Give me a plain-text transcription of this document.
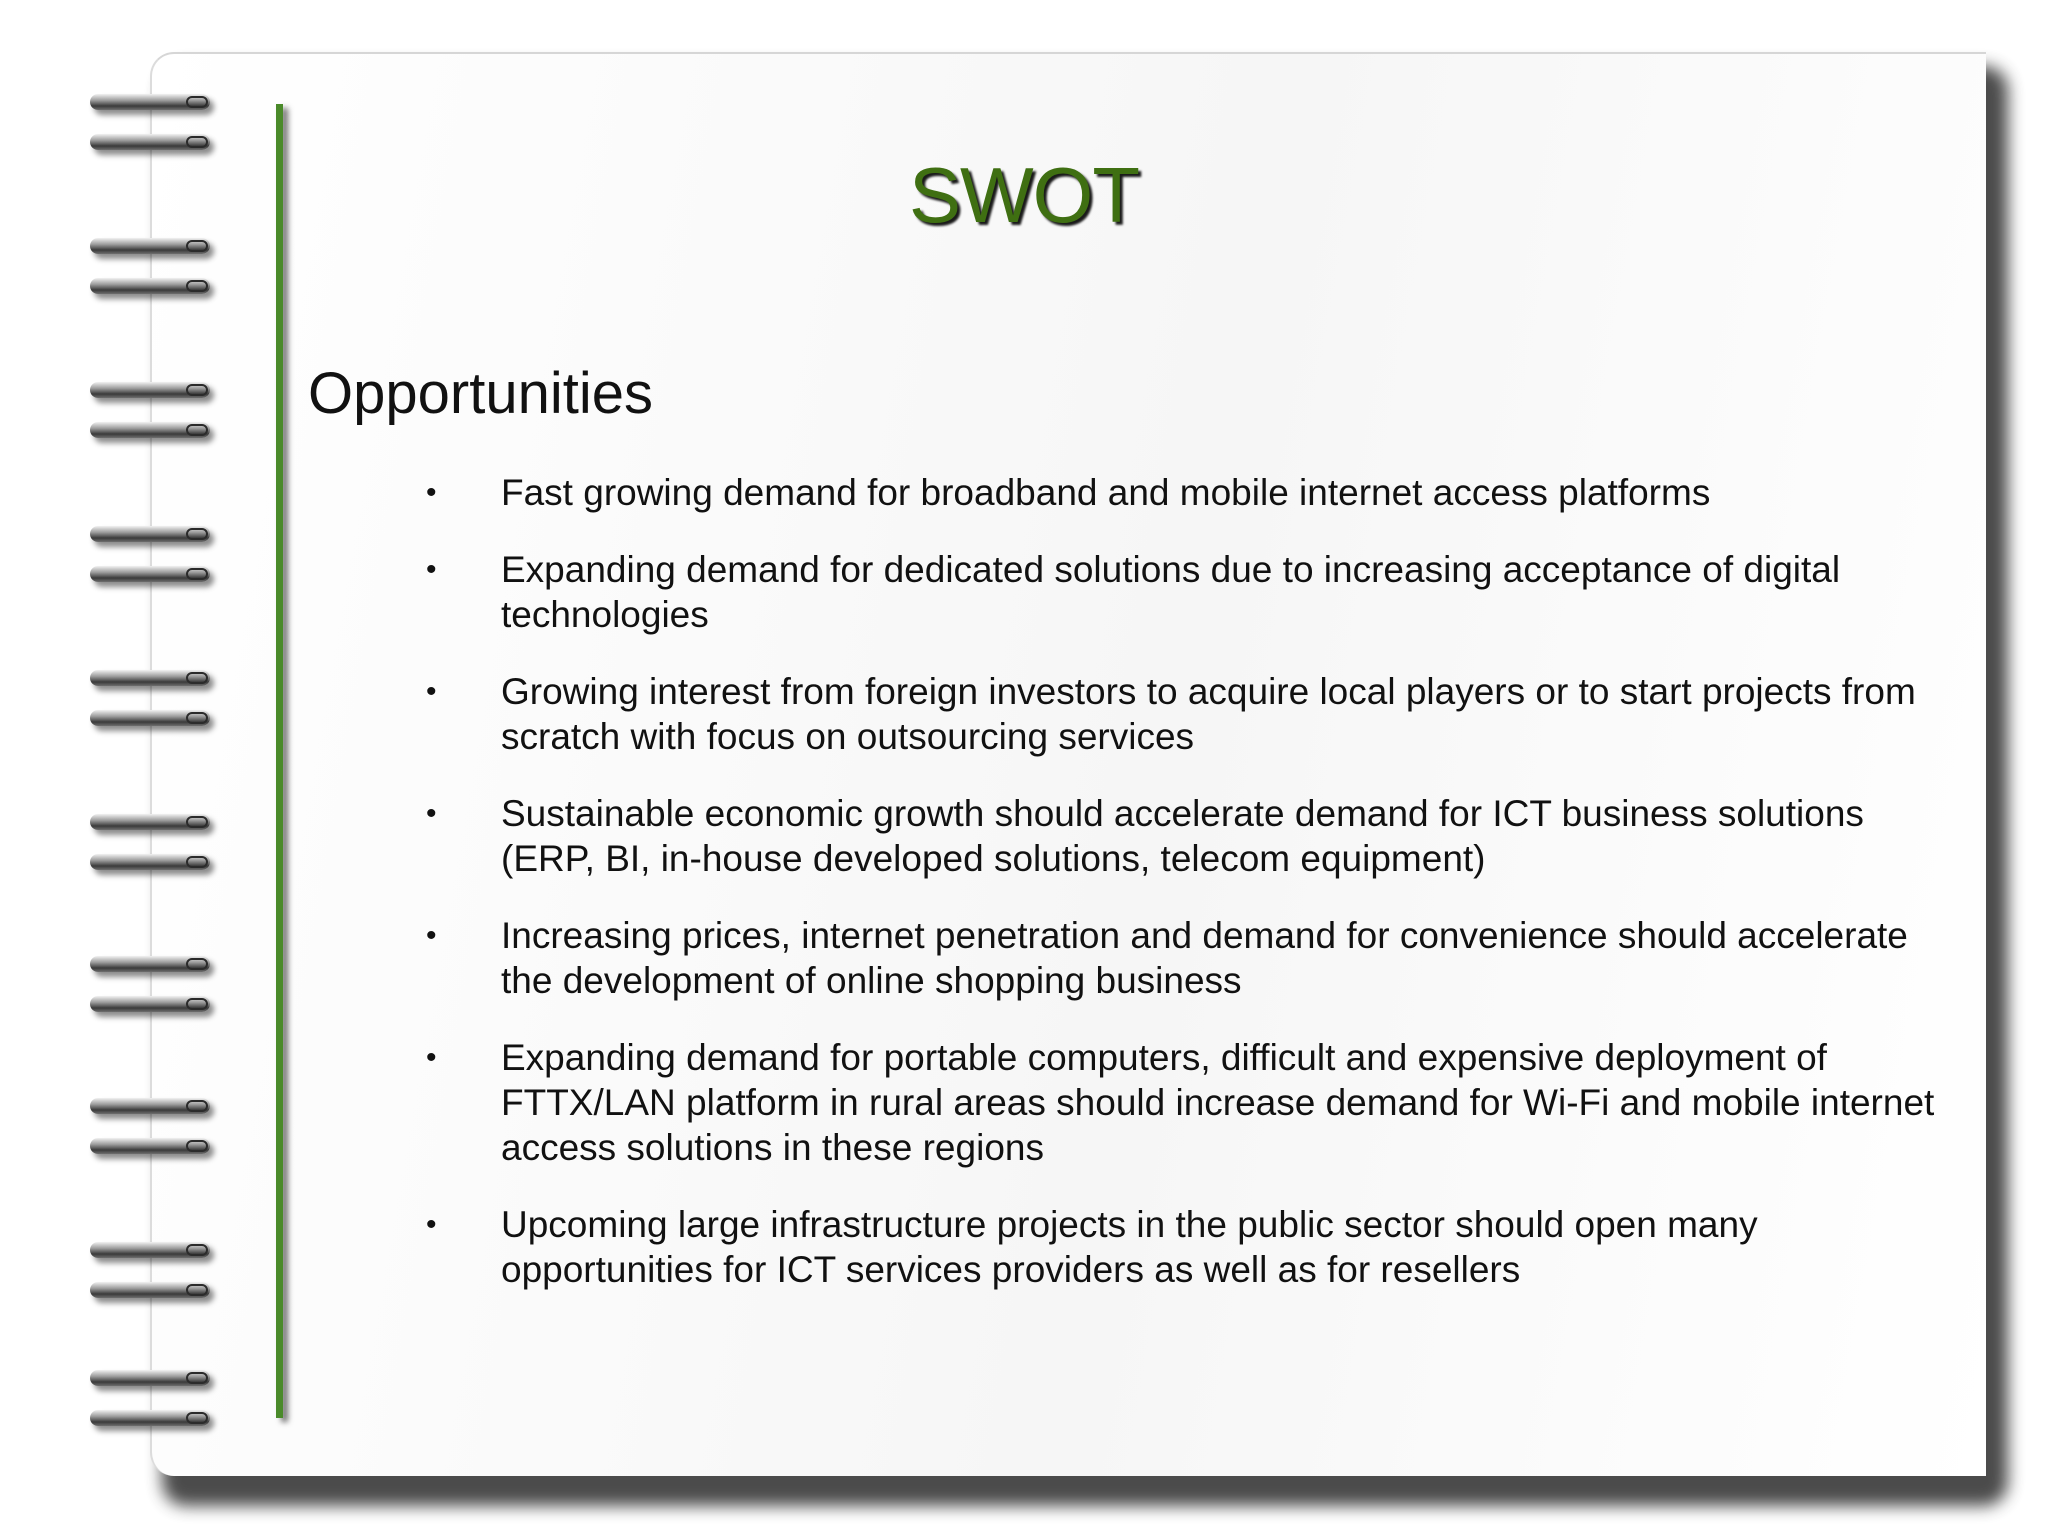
SWOT
Opportunities
• Fast growing demand for broadband and mobile internet access platforms
• Expanding demand for dedicated solutions due to increasing acceptance of digital technologies
• Growing interest from foreign investors to acquire local players or to start projects from scratch with focus on outsourcing services
• Sustainable economic growth should accelerate demand for ICT business solutions (ERP, BI, in-house developed solutions, telecom equipment)
• Increasing prices, internet penetration and demand for convenience should accelerate the development of online shopping business
• Expanding demand for portable computers, difficult and expensive deployment of FTTX/LAN platform in rural areas should increase demand for Wi-Fi and mobile internet access solutions in these regions
• Upcoming large infrastructure projects in the public sector should open many opportunities for ICT services providers as well as for resellers
